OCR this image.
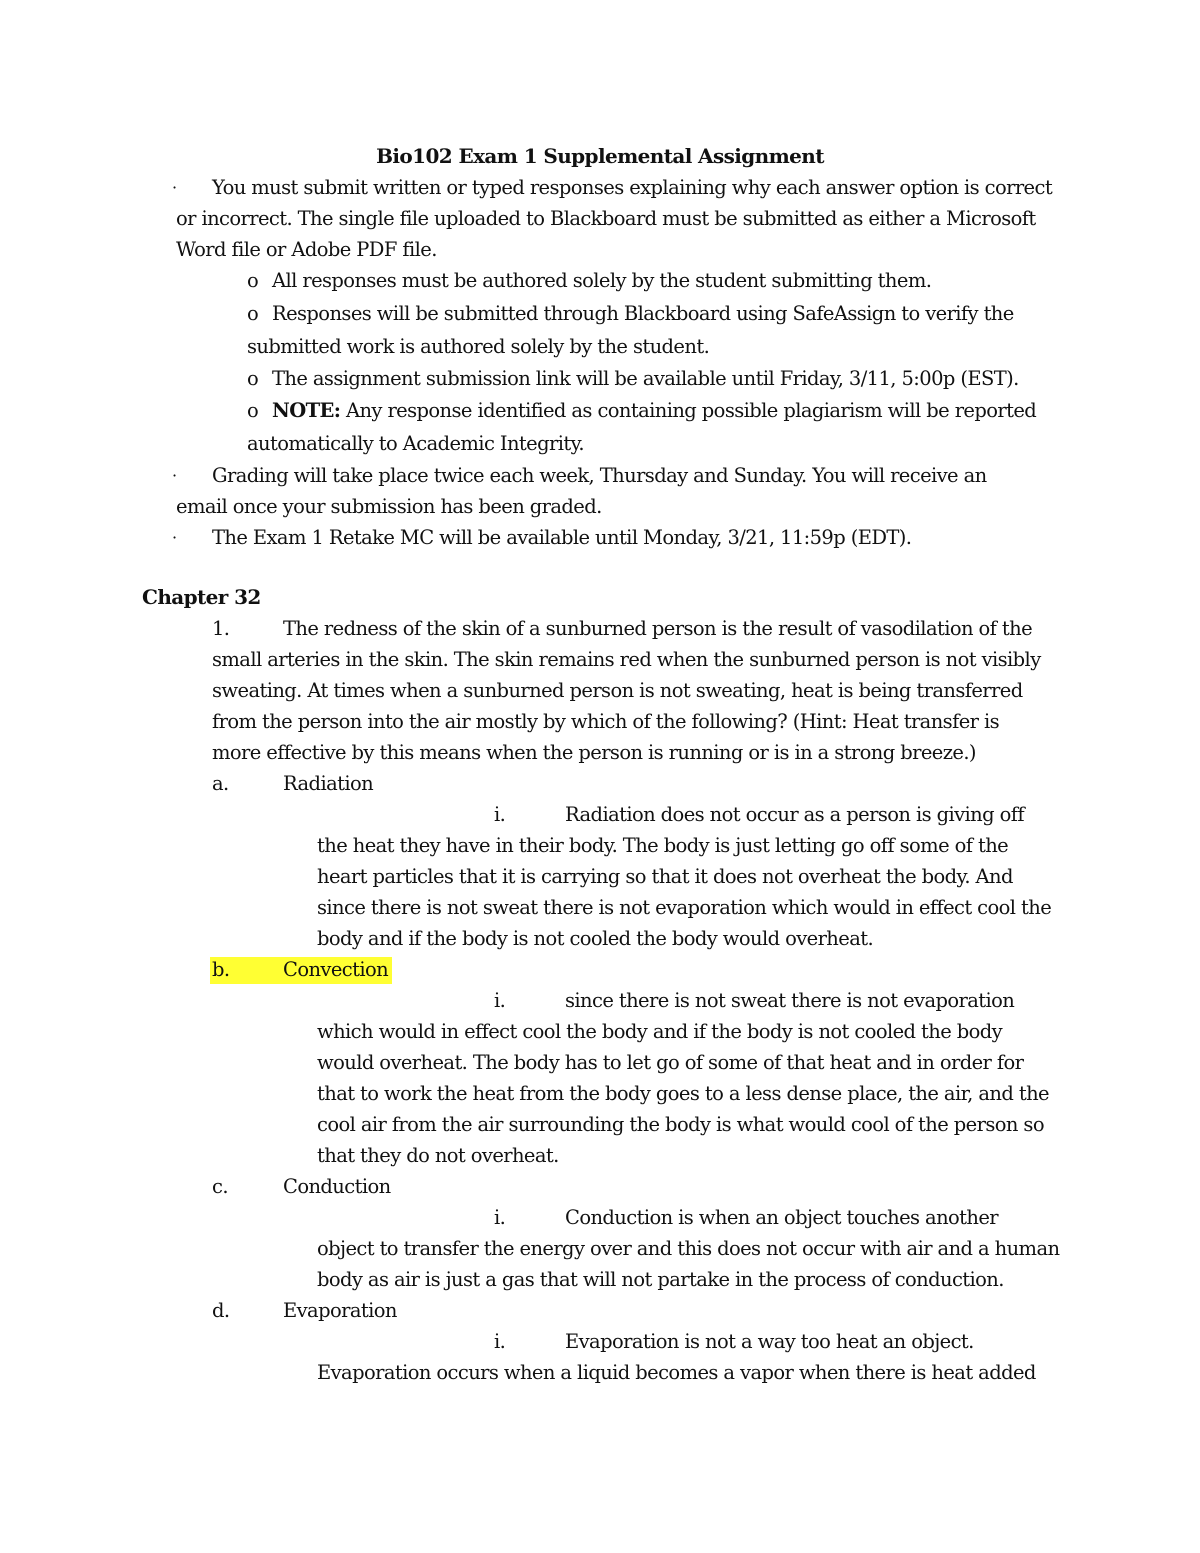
Bio102 Exam 1 Supplemental Assignment
· You must submit written or typed responses explaining why each answer option is correct
or incorrect. The single file uploaded to Blackboard must be submitted as either a Microsoft
Word file or Adobe PDF file.
o All responses must be authored solely by the student submitting them.
o Responses will be submitted through Blackboard using SafeAssign to verify the
submitted work is authored solely by the student.
o The assignment submission link will be available until Friday, 3/11, 5:00p (EST).
o NOTE: Any response identified as containing possible plagiarism will be reported
automatically to Academic Integrity.
· Grading will take place twice each week, Thursday and Sunday. You will receive an
email once your submission has been graded.
· The Exam 1 Retake MC will be available until Monday, 3/21, 11:59p (EDT).
Chapter 32
1.	The redness of the skin of a sunburned person is the result of vasodilation of the
small arteries in the skin. The skin remains red when the sunburned person is not visibly
sweating. At times when a sunburned person is not sweating, heat is being transferred
from the person into the air mostly by which of the following? (Hint: Heat transfer is
more effective by this means when the person is running or is in a strong breeze.)
a.	Radiation
i.	Radiation does not occur as a person is giving off
the heat they have in their body. The body is just letting go off some of the
heart particles that it is carrying so that it does not overheat the body. And
since there is not sweat there is not evaporation which would in effect cool the
body and if the body is not cooled the body would overheat.
b.	Convection
i.	since there is not sweat there is not evaporation
which would in effect cool the body and if the body is not cooled the body
would overheat. The body has to let go of some of that heat and in order for
that to work the heat from the body goes to a less dense place, the air, and the
cool air from the air surrounding the body is what would cool of the person so
that they do not overheat.
c.	Conduction
i.	Conduction is when an object touches another
object to transfer the energy over and this does not occur with air and a human
body as air is just a gas that will not partake in the process of conduction.
d.	Evaporation
i.	Evaporation is not a way too heat an object.
Evaporation occurs when a liquid becomes a vapor when there is heat added
